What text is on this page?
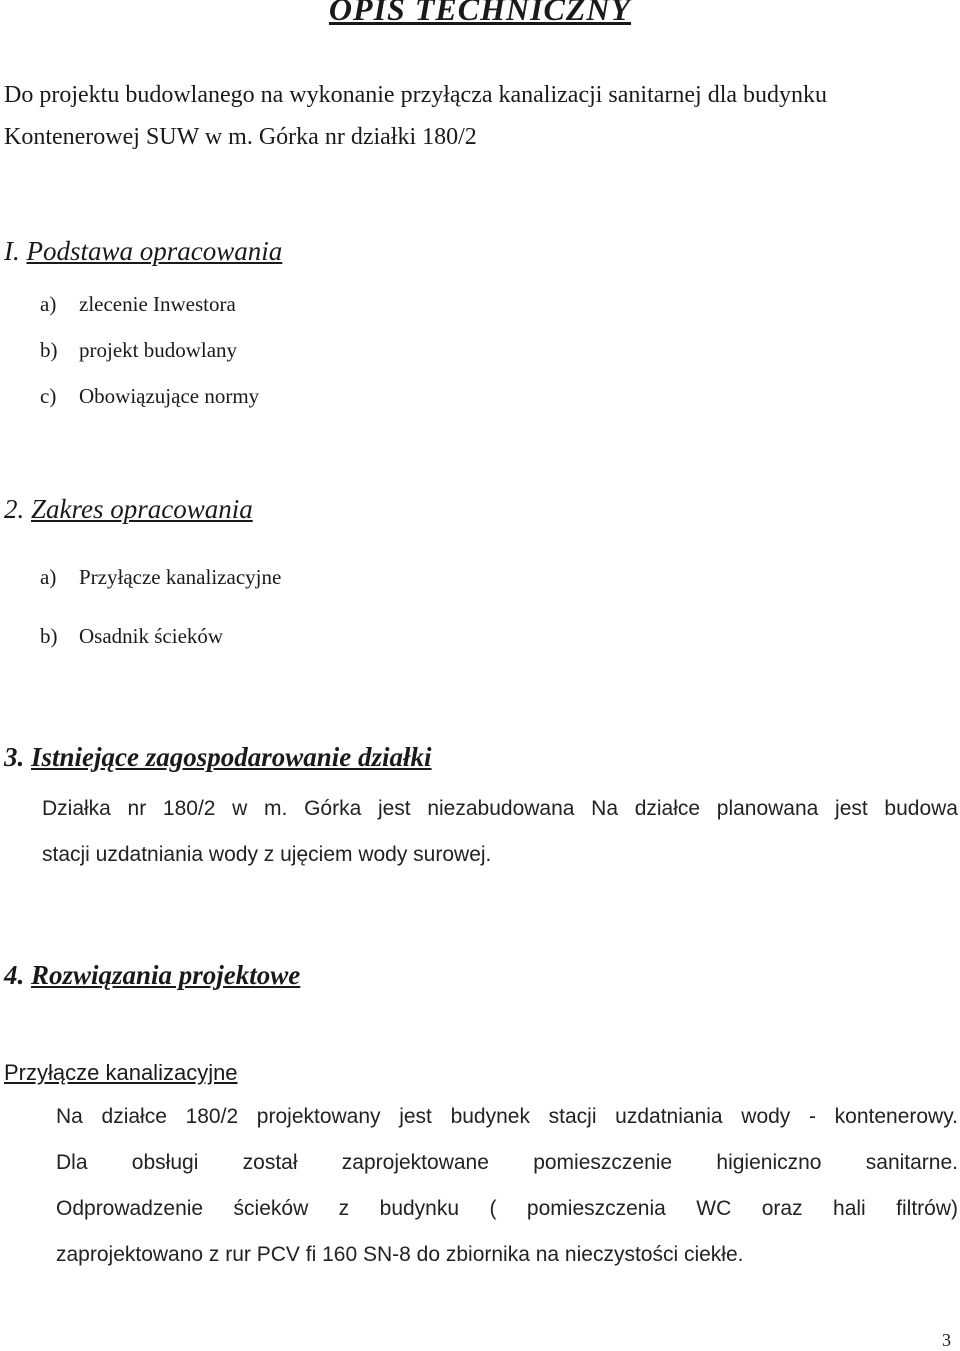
OPIS TECHNICZNY
Do projektu budowlanego na wykonanie przyłącza kanalizacji sanitarnej dla budynku
Kontenerowej SUW w m. Górka nr działki 180/2
I. Podstawa opracowania
a) zlecenie Inwestora
b) projekt budowlany
c) Obowiązujące normy
2. Zakres opracowania
a) Przyłącze kanalizacyjne
b) Osadnik ścieków
3. Istniejące zagospodarowanie działki
Działka nr 180/2 w m. Górka jest niezabudowana Na działce planowana jest budowa
stacji uzdatniania wody z ujęciem wody surowej.
4. Rozwiązania projektowe
Przyłącze kanalizacyjne
Na działce 180/2 projektowany jest budynek stacji uzdatniania wody - kontenerowy.
Dla obsługi został zaprojektowane pomieszczenie higieniczno sanitarne.
Odprowadzenie ścieków z budynku ( pomieszczenia WC oraz hali filtrów)
zaprojektowano z rur PCV fi 160 SN-8 do zbiornika na nieczystości ciekłe.
3
